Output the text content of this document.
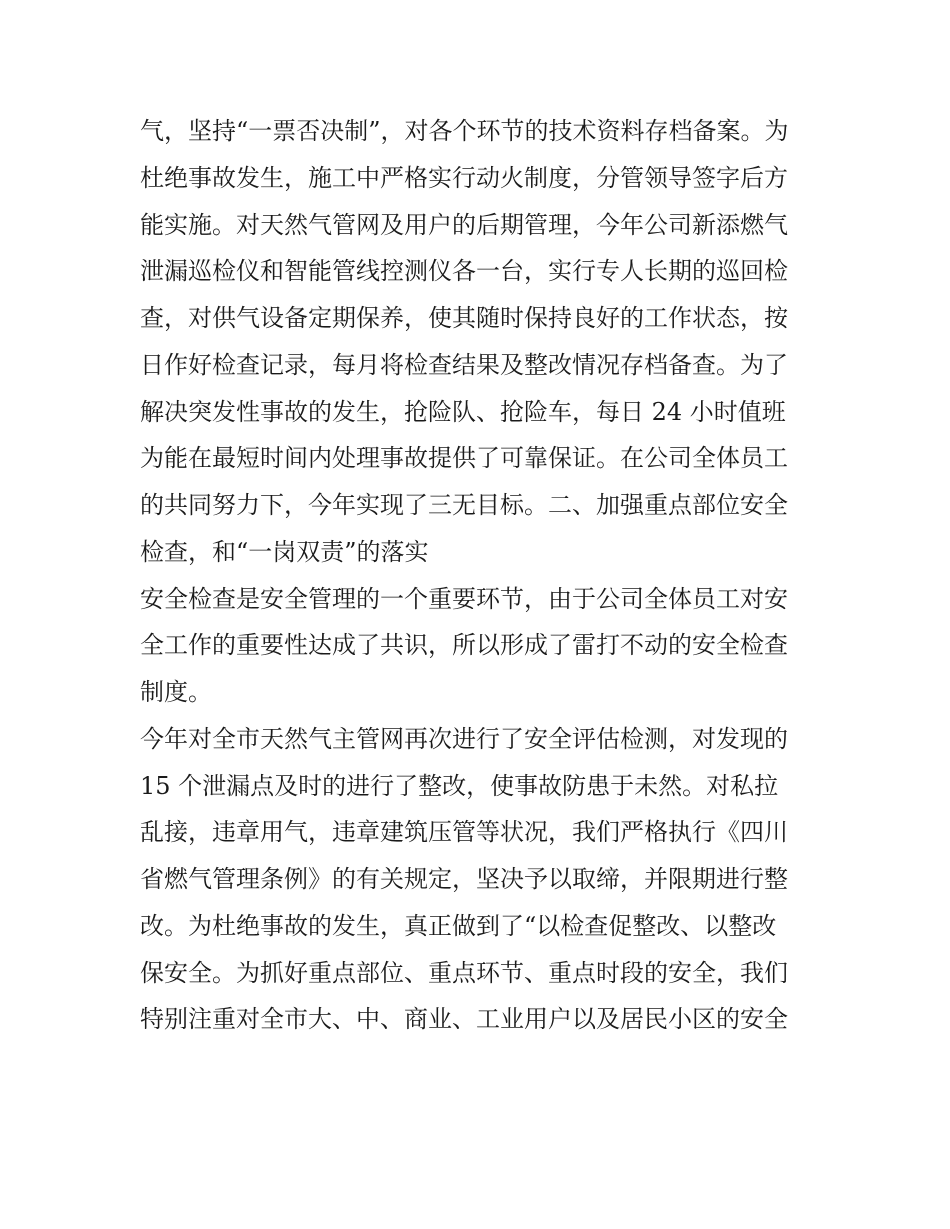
气，坚持“一票否决制”，对各个环节的技术资料存档备案。为
杜绝事故发生，施工中严格实行动火制度，分管领导签字后方
能实施。对天然气管网及用户的后期管理，今年公司新添燃气
泄漏巡检仪和智能管线控测仪各一台，实行专人长期的巡回检
查，对供气设备定期保养，使其随时保持良好的工作状态，按
日作好检查记录，每月将检查结果及整改情况存档备查。为了
解决突发性事故的发生，抢险队、抢险车，每日 24 小时值班
为能在最短时间内处理事故提供了可靠保证。在公司全体员工
的共同努力下，今年实现了三无目标。二、加强重点部位安全
检查，和“一岗双责”的落实
安全检查是安全管理的一个重要环节，由于公司全体员工对安
全工作的重要性达成了共识，所以形成了雷打不动的安全检查
制度。
今年对全市天然气主管网再次进行了安全评估检测，对发现的
15 个泄漏点及时的进行了整改，使事故防患于未然。对私拉
乱接，违章用气，违章建筑压管等状况，我们严格执行《四川
省燃气管理条例》的有关规定，坚决予以取缔，并限期进行整
改。为杜绝事故的发生，真正做到了“以检查促整改、以整改
保安全。为抓好重点部位、重点环节、重点时段的安全，我们
特别注重对全市大、中、商业、工业用户以及居民小区的安全
